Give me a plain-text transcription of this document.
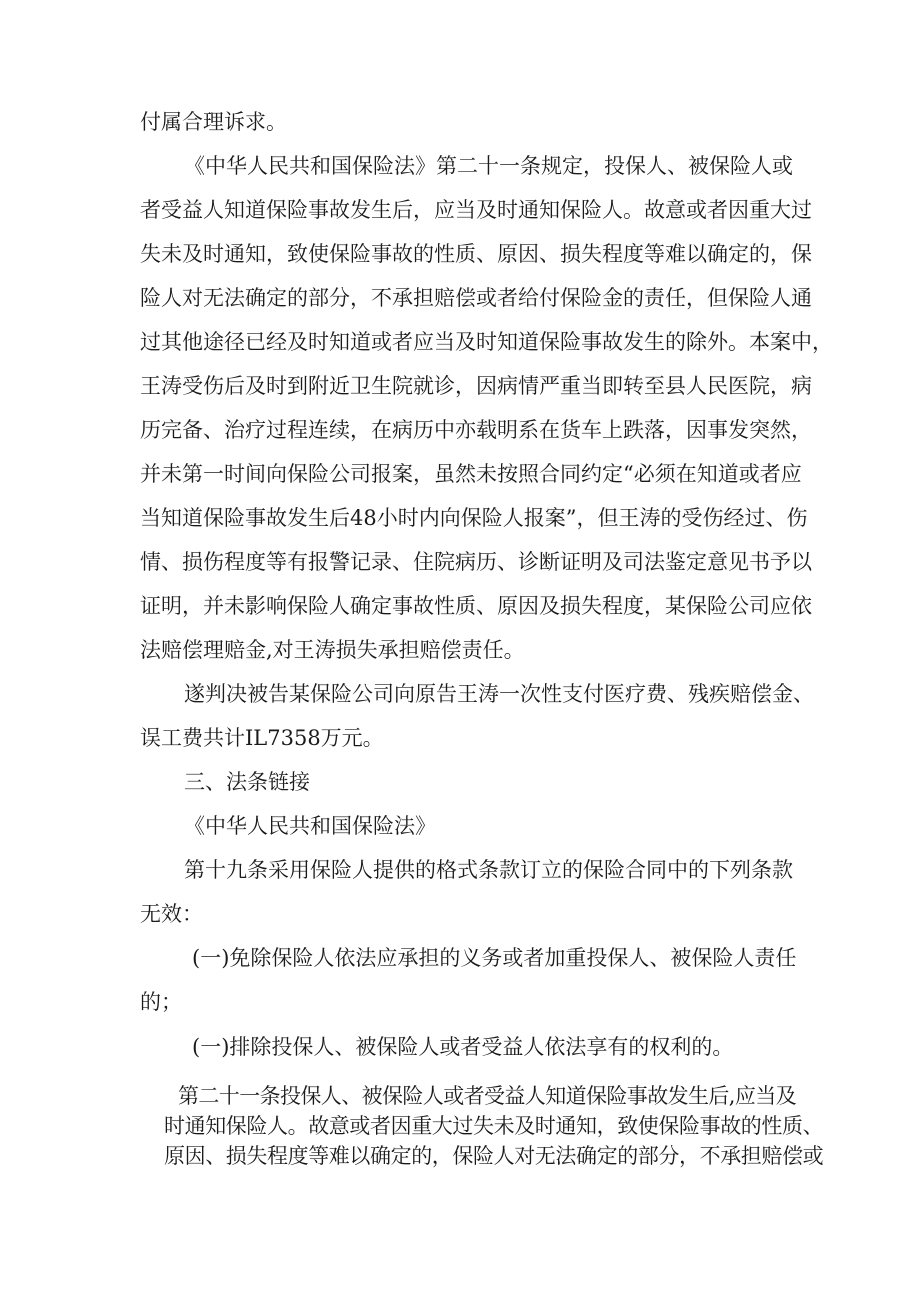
付属合理诉求。
《中华人民共和国保险法》第二十一条规定，投保人、被保险人或
者受益人知道保险事故发生后，应当及时通知保险人。故意或者因重大过
失未及时通知，致使保险事故的性质、原因、损失程度等难以确定的，保
险人对无法确定的部分，不承担赔偿或者给付保险金的责任，但保险人通
过其他途径已经及时知道或者应当及时知道保险事故发生的除外。本案中，
王涛受伤后及时到附近卫生院就诊，因病情严重当即转至县人民医院，病
历完备、治疗过程连续，在病历中亦载明系在货车上跌落，因事发突然，
并未第一时间向保险公司报案，虽然未按照合同约定“必须在知道或者应
当知道保险事故发生后48小时内向保险人报案”，但王涛的受伤经过、伤
情、损伤程度等有报警记录、住院病历、诊断证明及司法鉴定意见书予以
证明，并未影响保险人确定事故性质、原因及损失程度，某保险公司应依
法赔偿理赔金,对王涛损失承担赔偿责任。
遂判决被告某保险公司向原告王涛一次性支付医疗费、残疾赔偿金、
误工费共计IL7358万元。
三、法条链接
《中华人民共和国保险法》
第十九条采用保险人提供的格式条款订立的保险合同中的下列条款
无效：
(一)免除保险人依法应承担的义务或者加重投保人、被保险人责任
的；
(一)排除投保人、被保险人或者受益人依法享有的权利的。
第二十一条投保人、被保险人或者受益人知道保险事故发生后,应当及
时通知保险人。故意或者因重大过失未及时通知，致使保险事故的性质、
原因、损失程度等难以确定的，保险人对无法确定的部分，不承担赔偿或
